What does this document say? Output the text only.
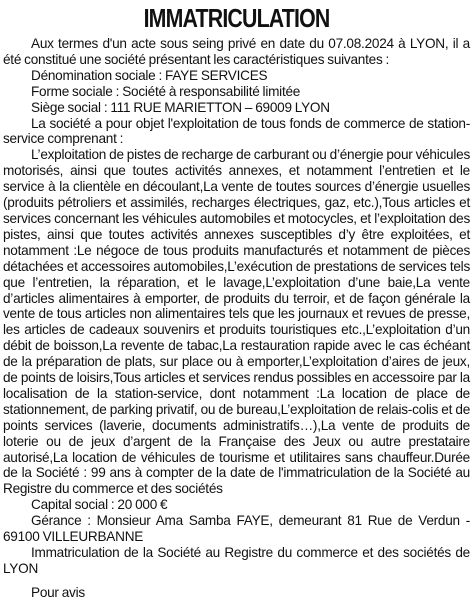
IMMATRICULATION

Aux termes d'un acte sous seing privé en date du 07.08.2024 à LYON, il a été constitué une société présentant les caractéristiques suivantes :

Dénomination sociale : FAYE SERVICES

Forme sociale : Société à responsabilité limitée

Siège social : 111 RUE MARIETTON – 69009 LYON

La société a pour objet l'exploitation de tous fonds de commerce de station-service comprenant :

L’exploitation de pistes de recharge de carburant ou d’énergie pour véhicules motorisés, ainsi que toutes activités annexes, et notamment l’entretien et le service à la clientèle en découlant,La vente de toutes sources d’énergie usuelles (produits pétroliers et assimilés, recharges électriques, gaz, etc.),Tous articles et services concernant les véhicules automobiles et motocycles, et l’exploitation des pistes, ainsi que toutes activités annexes susceptibles d’y être exploitées, et notamment :Le négoce de tous produits manufacturés et notamment de pièces détachées et accessoires automobiles,L’exécution de prestations de services tels que l’entretien, la réparation, et le lavage,L’exploitation d’une baie,La vente d’articles alimentaires à emporter, de produits du terroir, et de façon générale la vente de tous articles non alimentaires tels que les journaux et revues de presse, les articles de cadeaux souvenirs et produits touristiques etc.,L’exploitation d’un débit de boisson,La revente de tabac,La restauration rapide avec le cas échéant de la préparation de plats, sur place ou à emporter,L’exploitation d’aires de jeux, de points de loisirs,Tous articles et services rendus possibles en accessoire par la localisation de la station-service, dont notamment :La location de place de stationnement, de parking privatif, ou de bureau,L’exploitation de relais-colis et de points services (laverie, documents administratifs…),La vente de produits de loterie ou de jeux d’argent de la Française des Jeux ou autre prestataire autorisé,La location de véhicules de tourisme et utilitaires sans chauffeur.Durée de la Société : 99 ans à compter de la date de l'immatriculation de la Société au Registre du commerce et des sociétés

Capital social : 20 000 €

Gérance : Monsieur Ama Samba FAYE, demeurant 81 Rue de Verdun - 69100 VILLEURBANNE

Immatriculation de la Société au Registre du commerce et des sociétés de LYON

Pour avis
